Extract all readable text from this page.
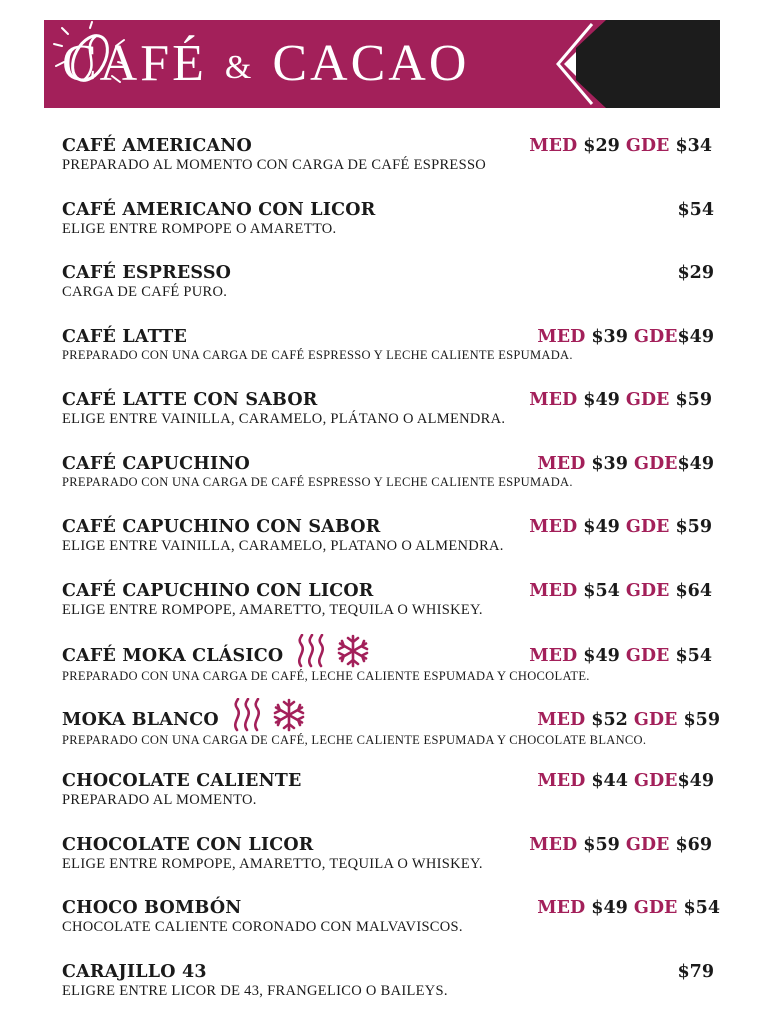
CAFÉ & CACAO
CAFÉ AMERICANO	MED $29 GDE $34
PREPARADO AL MOMENTO CON CARGA DE CAFÉ ESPRESSO
CAFÉ AMERICANO CON LICOR	$54
ELIGE ENTRE ROMPOPE O AMARETTO.
CAFÉ ESPRESSO	$29
CARGA DE CAFÉ PURO.
CAFÉ LATTE	MED $39 GDE$49
PREPARADO CON UNA CARGA DE CAFÉ ESPRESSO Y LECHE CALIENTE ESPUMADA.
CAFÉ LATTE CON SABOR	MED $49 GDE $59
ELIGE ENTRE VAINILLA, CARAMELO, PLÁTANO O ALMENDRA.
CAFÉ CAPUCHINO	MED $39 GDE$49
PREPARADO CON UNA CARGA DE CAFÉ ESPRESSO Y LECHE CALIENTE ESPUMADA.
CAFÉ CAPUCHINO CON SABOR	MED $49 GDE $59
ELIGE ENTRE VAINILLA, CARAMELO, PLATANO O ALMENDRA.
CAFÉ CAPUCHINO CON LICOR	MED $54 GDE $64
ELIGE ENTRE ROMPOPE, AMARETTO, TEQUILA O WHISKEY.
CAFÉ MOKA CLÁSICO	MED $49 GDE $54
PREPARADO CON UNA CARGA DE CAFÉ, LECHE CALIENTE ESPUMADA Y CHOCOLATE.
MOKA BLANCO	MED $52 GDE $59
PREPARADO CON UNA CARGA DE CAFÉ, LECHE CALIENTE ESPUMADA Y CHOCOLATE BLANCO.
CHOCOLATE CALIENTE	MED $44 GDE$49
PREPARADO AL MOMENTO.
CHOCOLATE CON LICOR	MED $59 GDE $69
ELIGE ENTRE ROMPOPE, AMARETTO, TEQUILA O WHISKEY.
CHOCO BOMBÓN	MED $49 GDE $54
CHOCOLATE CALIENTE CORONADO CON MALVAVISCOS.
CARAJILLO 43	$79
ELIGRE ENTRE LICOR DE 43, FRANGELICO O BAILEYS.
